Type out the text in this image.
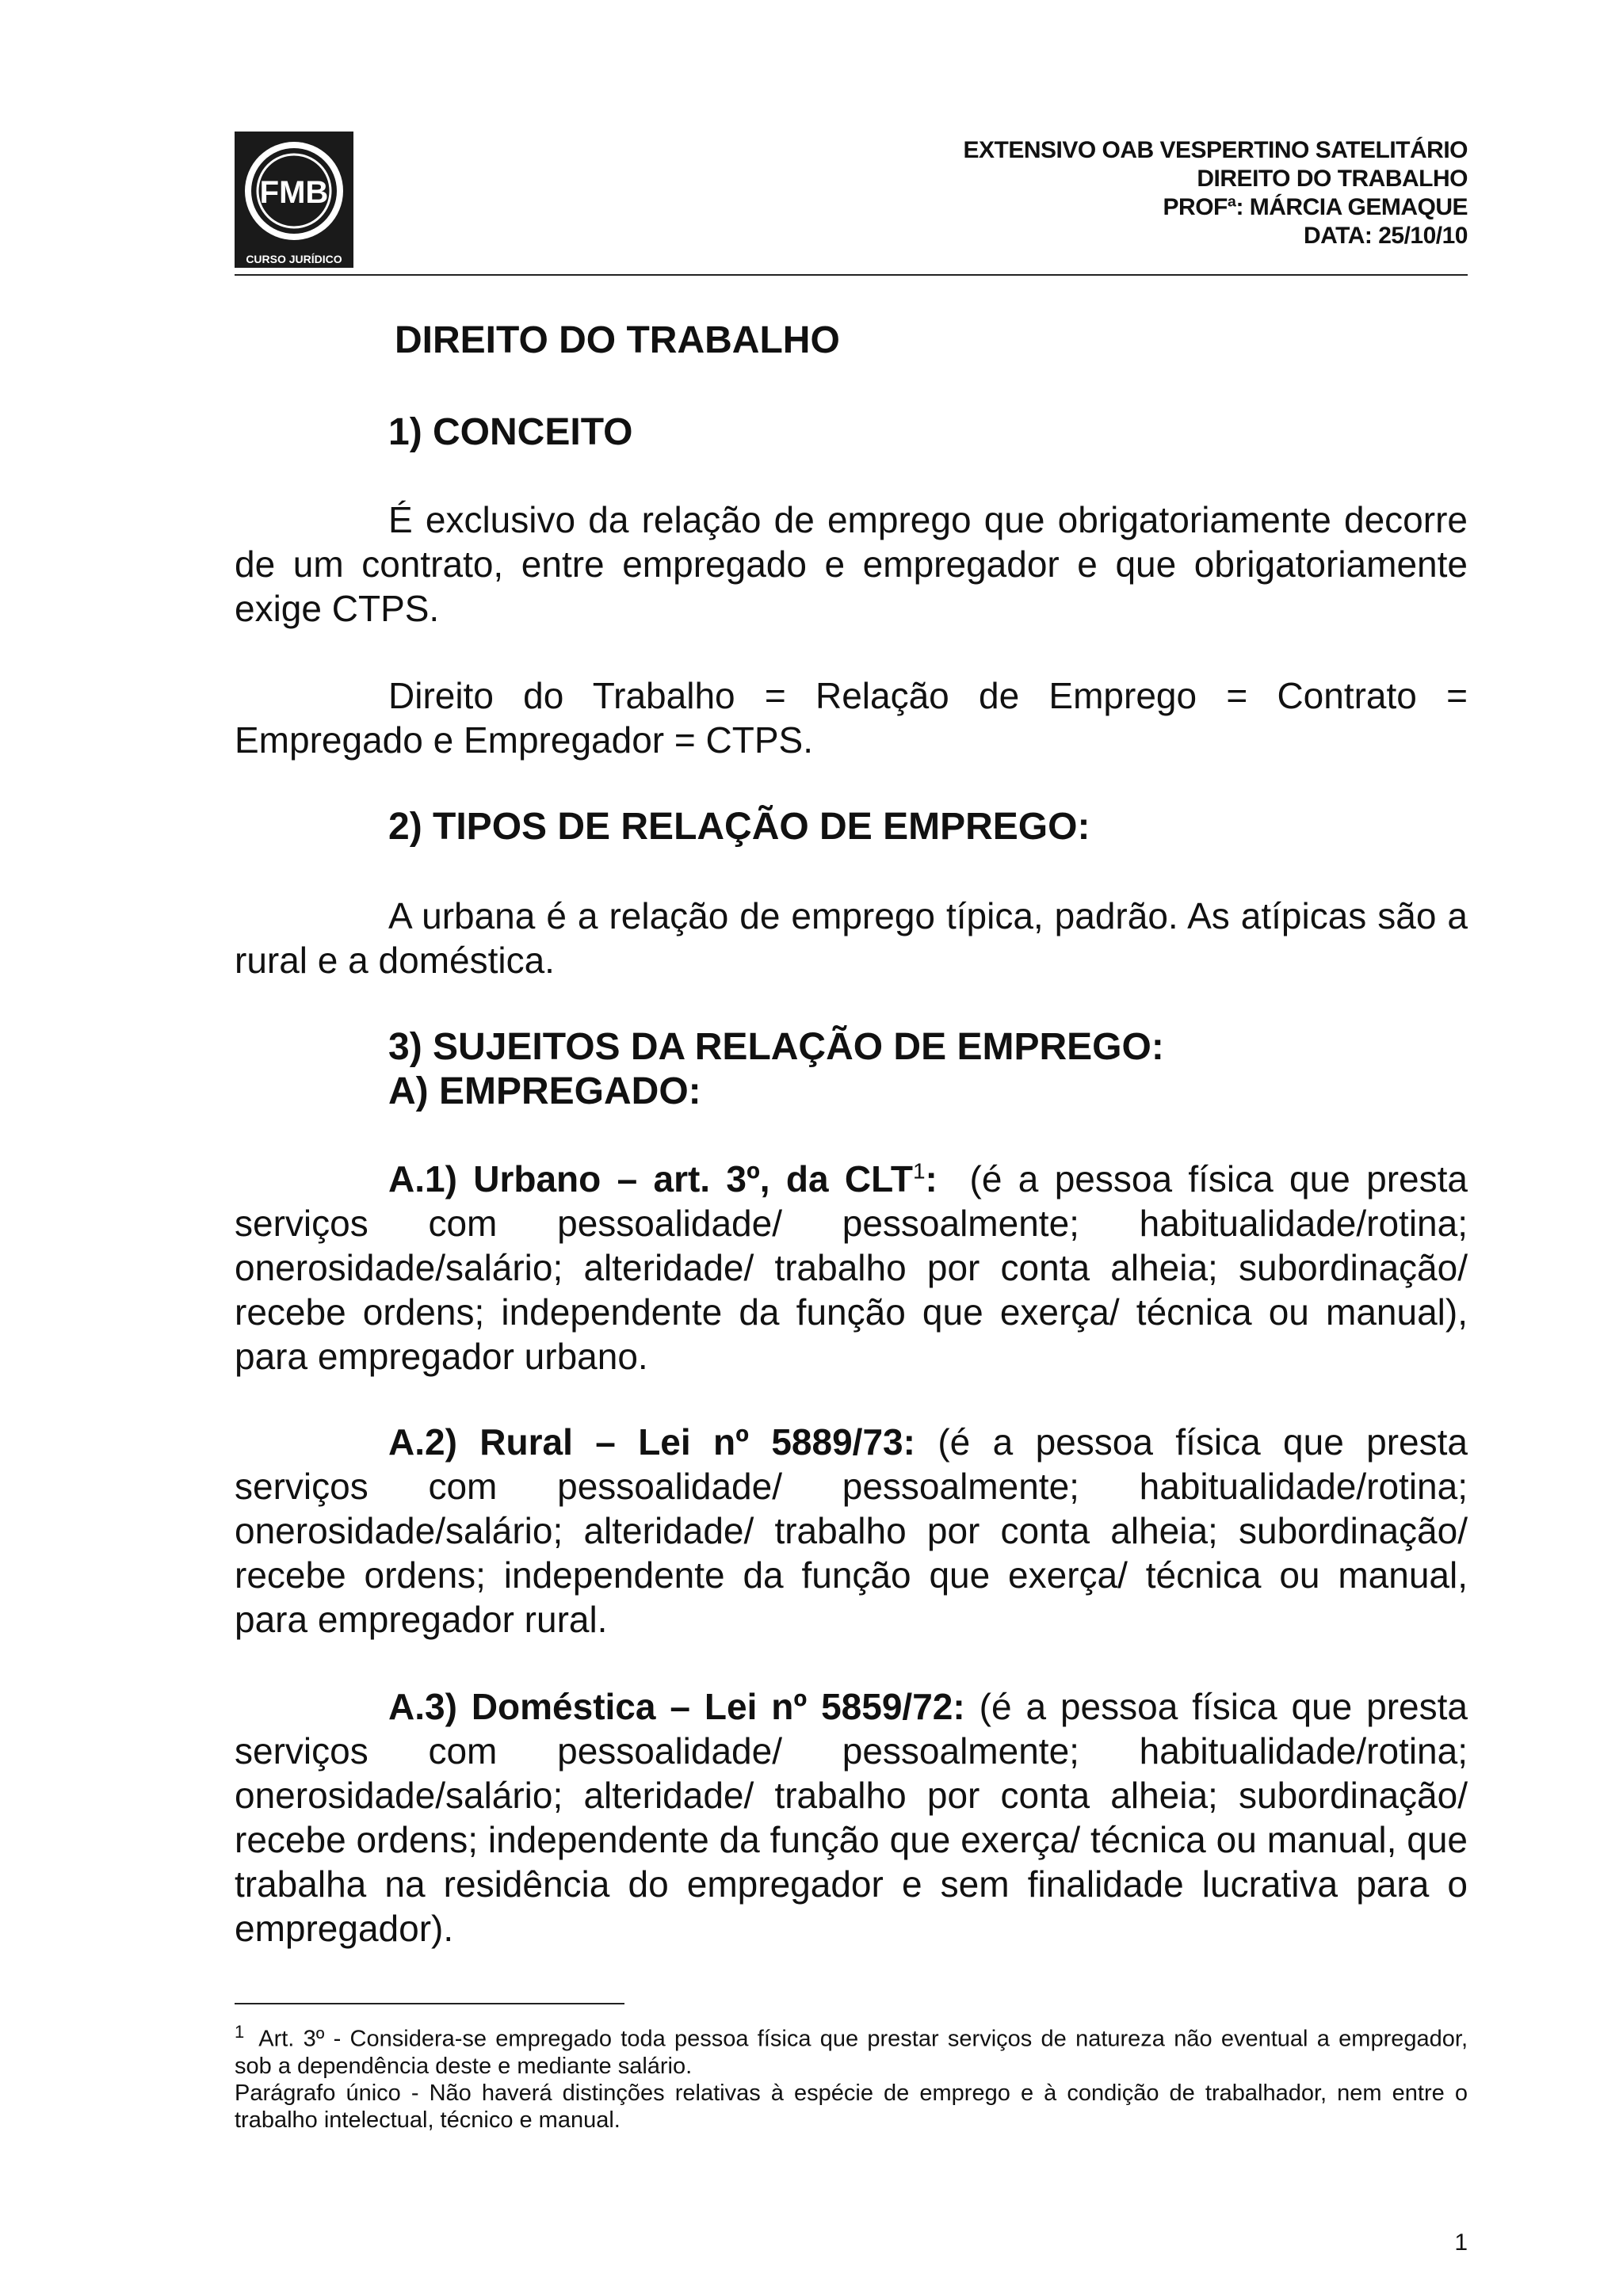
FMB
CURSO JURÍDICO
EXTENSIVO OAB VESPERTINO SATELITÁRIO
DIREITO DO TRABALHO
PROFª: MÁRCIA GEMAQUE
DATA: 25/10/10
DIREITO DO TRABALHO
1) CONCEITO
É exclusivo da relação de emprego que obrigatoriamente decorre de um contrato, entre empregado e empregador e que obrigatoriamente exige CTPS.
Direito do Trabalho = Relação de Emprego = Contrato = Empregado e Empregador = CTPS.
2) TIPOS DE RELAÇÃO DE EMPREGO:
A urbana é a relação de emprego típica, padrão. As atípicas são a rural e a doméstica.
3) SUJEITOS DA RELAÇÃO DE EMPREGO:
A) EMPREGADO:
A.1) Urbano – art. 3º, da CLT$^1$: (é a pessoa física que presta serviços com pessoalidade/ pessoalmente; habitualidade/rotina; onerosidade/salário; alteridade/ trabalho por conta alheia; subordinação/ recebe ordens; independente da função que exerça/ técnica ou manual), para empregador urbano.
A.2) Rural – Lei nº 5889/73: (é a pessoa física que presta serviços com pessoalidade/ pessoalmente; habitualidade/rotina; onerosidade/salário; alteridade/ trabalho por conta alheia; subordinação/ recebe ordens; independente da função que exerça/ técnica ou manual, para empregador rural.
A.3) Doméstica – Lei nº 5859/72: (é a pessoa física que presta serviços com pessoalidade/ pessoalmente; habitualidade/rotina; onerosidade/salário; alteridade/ trabalho por conta alheia; subordinação/ recebe ordens; independente da função que exerça/ técnica ou manual, que trabalha na residência do empregador e sem finalidade lucrativa para o empregador).
$^1$ Art. 3º - Considera-se empregado toda pessoa física que prestar serviços de natureza não eventual a empregador, sob a dependência deste e mediante salário.
Parágrafo único - Não haverá distinções relativas à espécie de emprego e à condição de trabalhador, nem entre o trabalho intelectual, técnico e manual.
1
